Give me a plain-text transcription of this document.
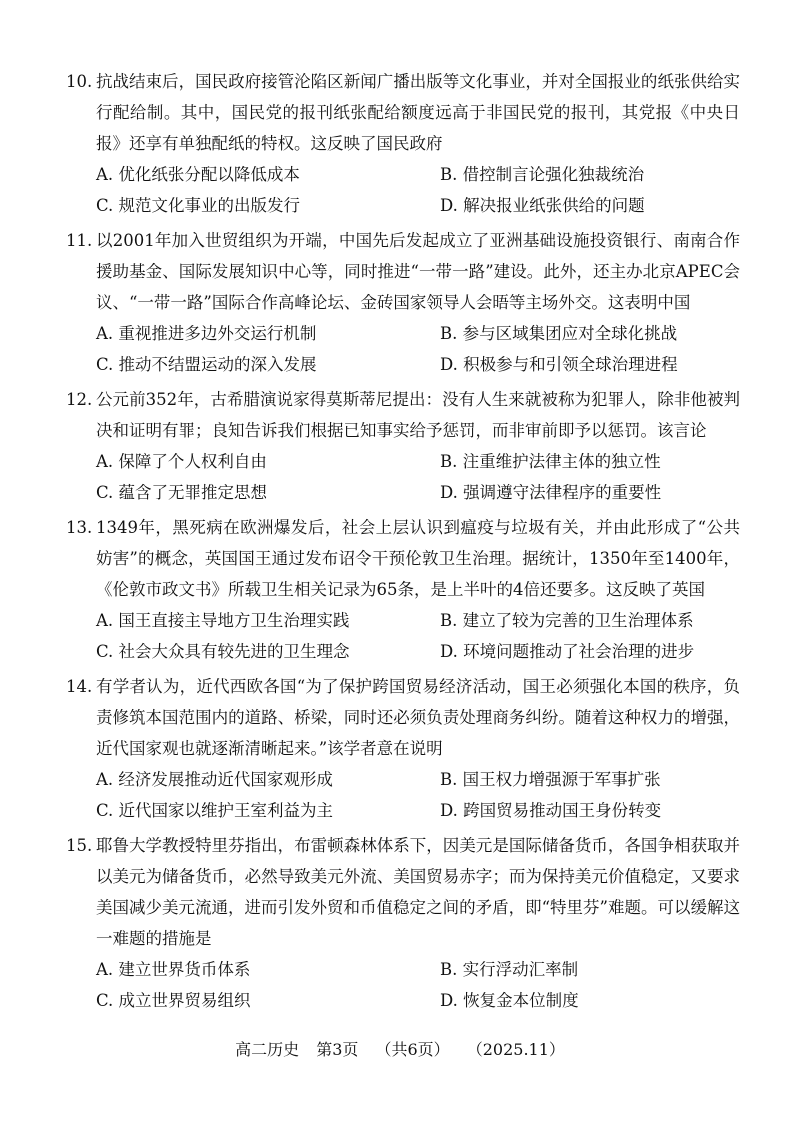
10. 抗战结束后，国民政府接管沦陷区新闻广播出版等文化事业，并对全国报业的纸张供给实行配给制。其中，国民党的报刊纸张配给额度远高于非国民党的报刊，其党报《中央日报》还享有单独配纸的特权。这反映了国民政府
A. 优化纸张分配以降低成本	B. 借控制言论强化独裁统治
C. 规范文化事业的出版发行	D. 解决报业纸张供给的问题
11. 以2001年加入世贸组织为开端，中国先后发起成立了亚洲基础设施投资银行、南南合作援助基金、国际发展知识中心等，同时推进“一带一路”建设。此外，还主办北京APEC会议、“一带一路”国际合作高峰论坛、金砖国家领导人会晤等主场外交。这表明中国
A. 重视推进多边外交运行机制	B. 参与区域集团应对全球化挑战
C. 推动不结盟运动的深入发展	D. 积极参与和引领全球治理进程
12. 公元前352年，古希腊演说家得莫斯蒂尼提出：没有人生来就被称为犯罪人，除非他被判决和证明有罪；良知告诉我们根据已知事实给予惩罚，而非审前即予以惩罚。该言论
A. 保障了个人权利自由	B. 注重维护法律主体的独立性
C. 蕴含了无罪推定思想	D. 强调遵守法律程序的重要性
13. 1349年，黑死病在欧洲爆发后，社会上层认识到瘟疫与垃圾有关，并由此形成了“公共妨害”的概念，英国国王通过发布诏令干预伦敦卫生治理。据统计，1350年至1400年，《伦敦市政文书》所载卫生相关记录为65条，是上半叶的4倍还要多。这反映了英国
A. 国王直接主导地方卫生治理实践	B. 建立了较为完善的卫生治理体系
C. 社会大众具有较先进的卫生理念	D. 环境问题推动了社会治理的进步
14. 有学者认为，近代西欧各国“为了保护跨国贸易经济活动，国王必须强化本国的秩序，负责修筑本国范围内的道路、桥梁，同时还必须负责处理商务纠纷。随着这种权力的增强，近代国家观也就逐渐清晰起来。”该学者意在说明
A. 经济发展推动近代国家观形成	B. 国王权力增强源于军事扩张
C. 近代国家以维护王室利益为主	D. 跨国贸易推动国王身份转变
15. 耶鲁大学教授特里芬指出，布雷顿森林体系下，因美元是国际储备货币，各国争相获取并以美元为储备货币，必然导致美元外流、美国贸易赤字；而为保持美元价值稳定，又要求美国减少美元流通，进而引发外贸和币值稳定之间的矛盾，即“特里芬”难题。可以缓解这一难题的措施是
A. 建立世界货币体系	B. 实行浮动汇率制
C. 成立世界贸易组织	D. 恢复金本位制度
高二历史 第3页 （共6页） （2025.11）
